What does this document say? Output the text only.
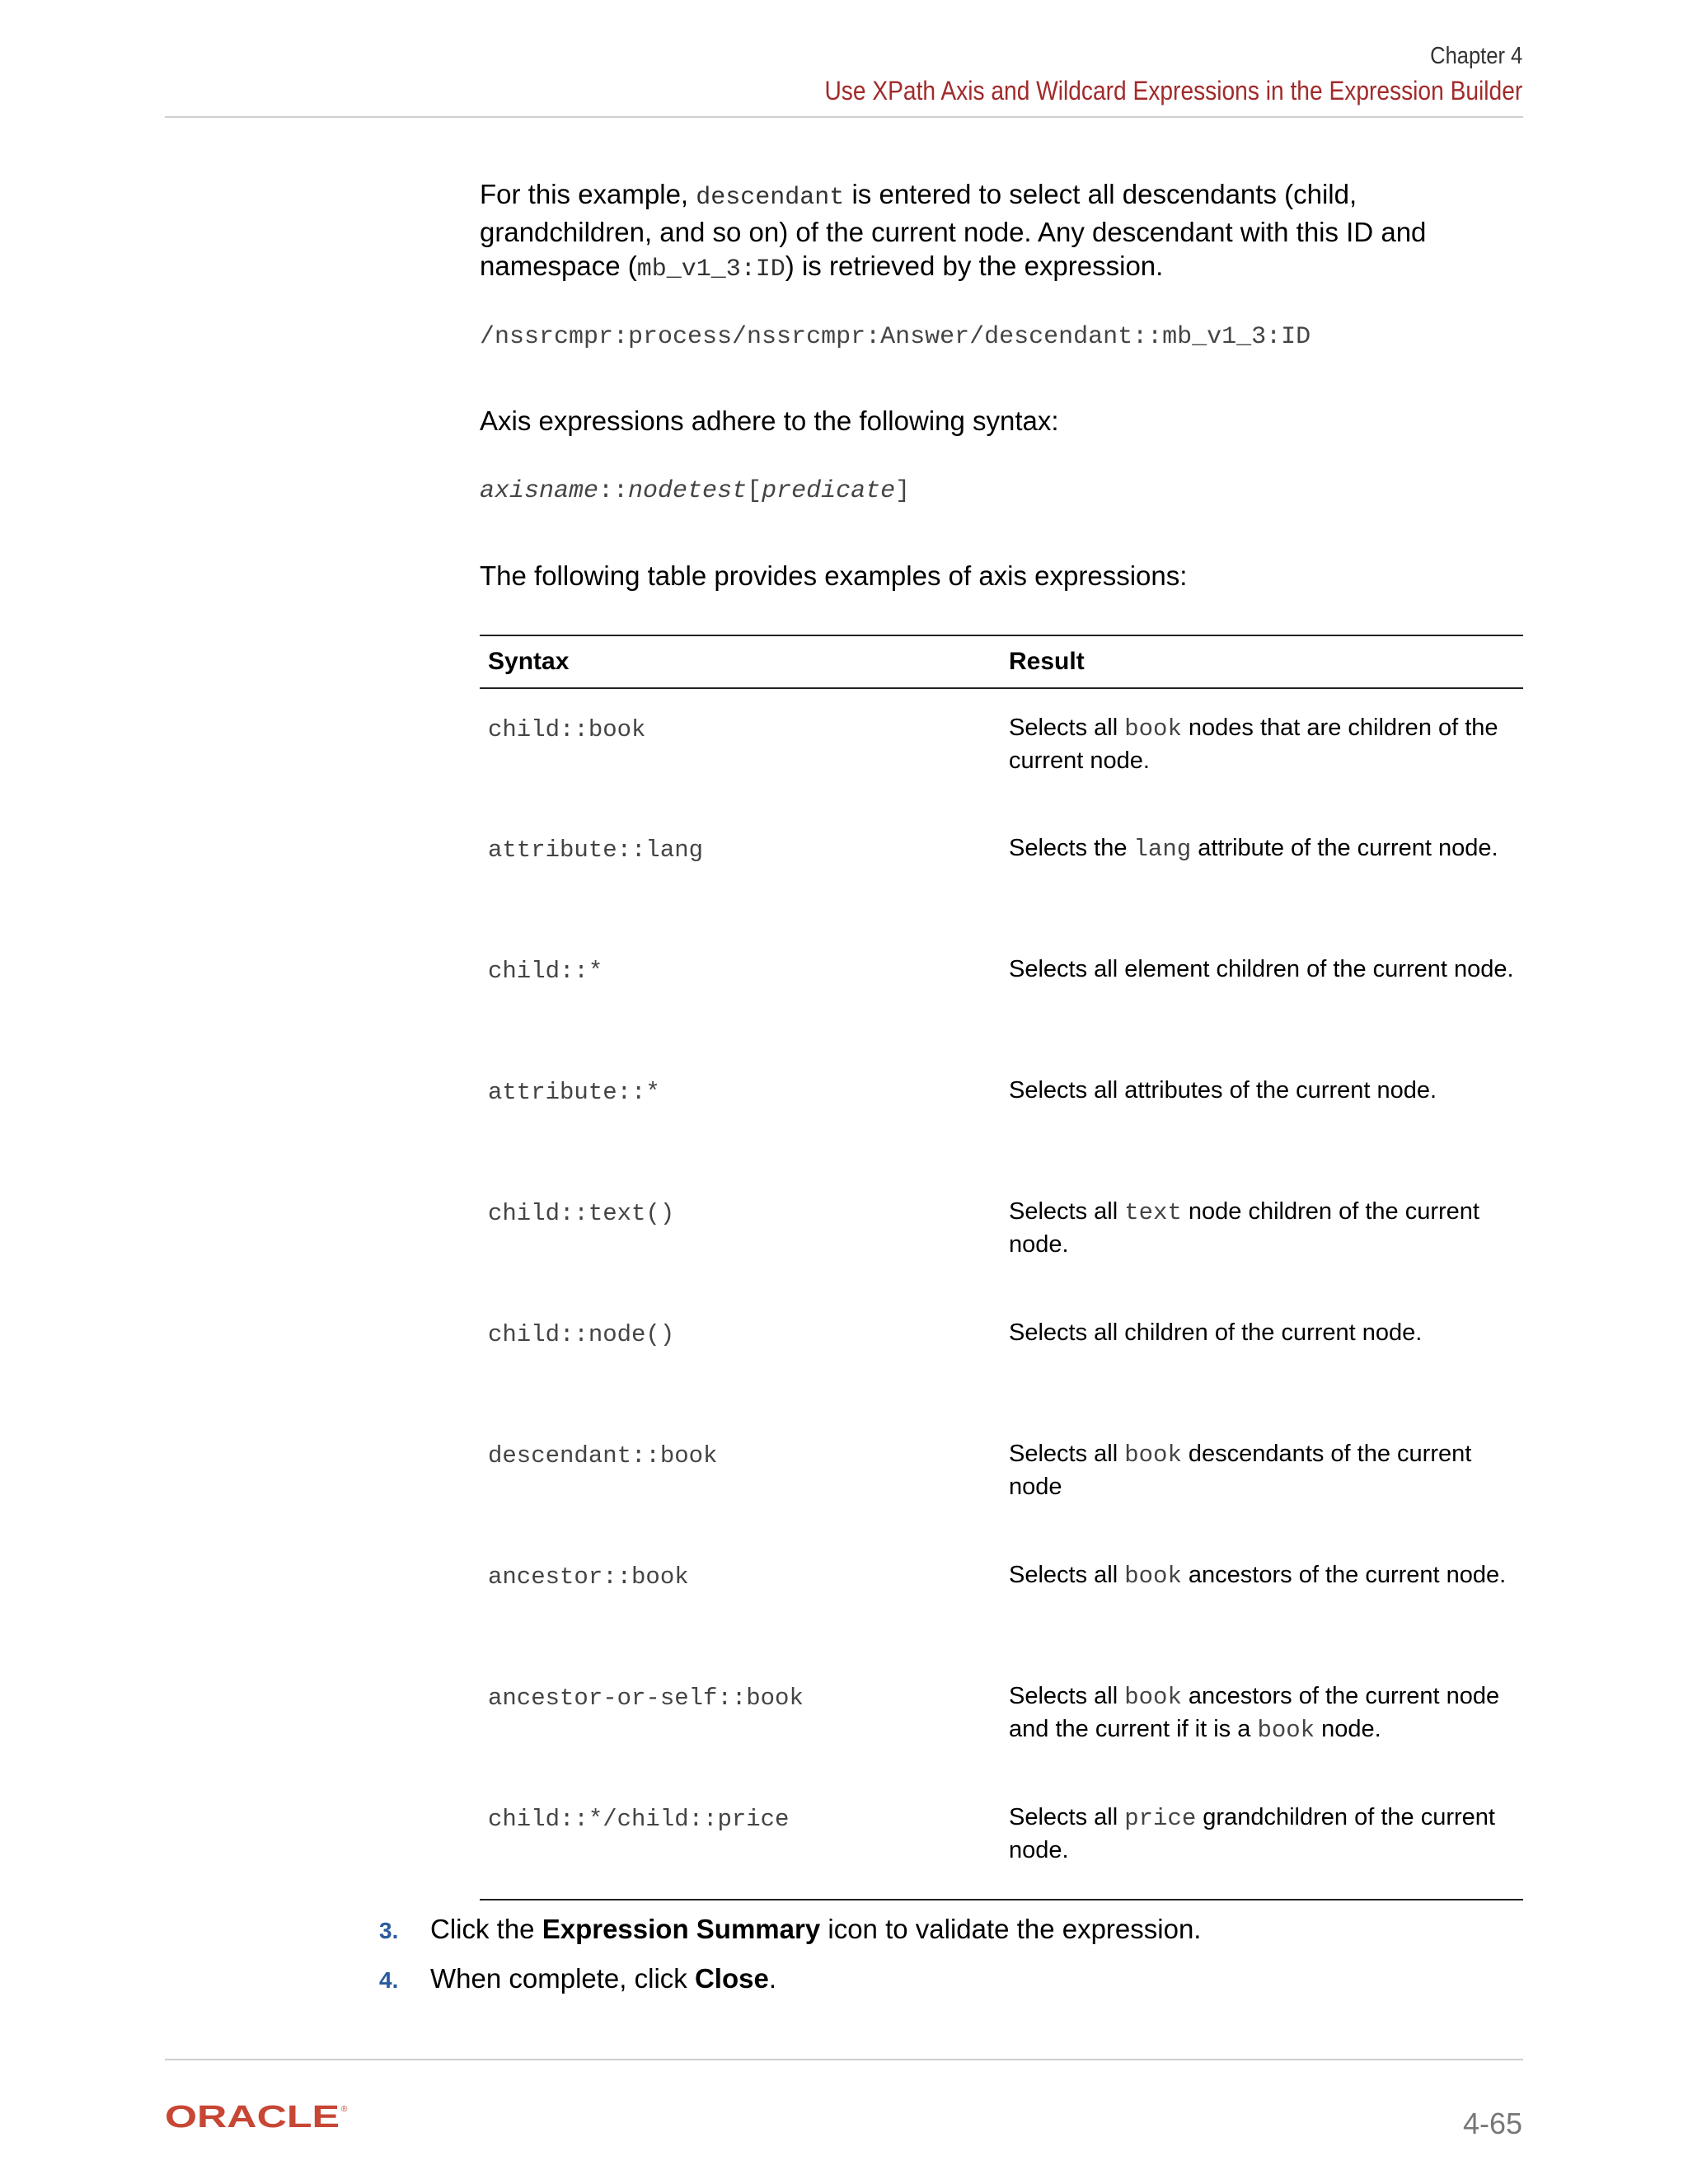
Chapter 4
Use XPath Axis and Wildcard Expressions in the Expression Builder

For this example, descendant is entered to select all descendants (child, grandchildren, and so on) of the current node. Any descendant with this ID and namespace (mb_v1_3:ID) is retrieved by the expression.

/nssrcmpr:process/nssrcmpr:Answer/descendant::mb_v1_3:ID

Axis expressions adhere to the following syntax:

axisname::nodetest[predicate]

The following table provides examples of axis expressions:

Syntax	Result
child::book	Selects all book nodes that are children of the current node.
attribute::lang	Selects the lang attribute of the current node.
child::*	Selects all element children of the current node.
attribute::*	Selects all attributes of the current node.
child::text()	Selects all text node children of the current node.
child::node()	Selects all children of the current node.
descendant::book	Selects all book descendants of the current node
ancestor::book	Selects all book ancestors of the current node.
ancestor-or-self::book	Selects all book ancestors of the current node and the current if it is a book node.
child::*/child::price	Selects all price grandchildren of the current node.
3.	Click the Expression Summary icon to validate the expression.
4.	When complete, click Close.
ORACLE ®	4-65
